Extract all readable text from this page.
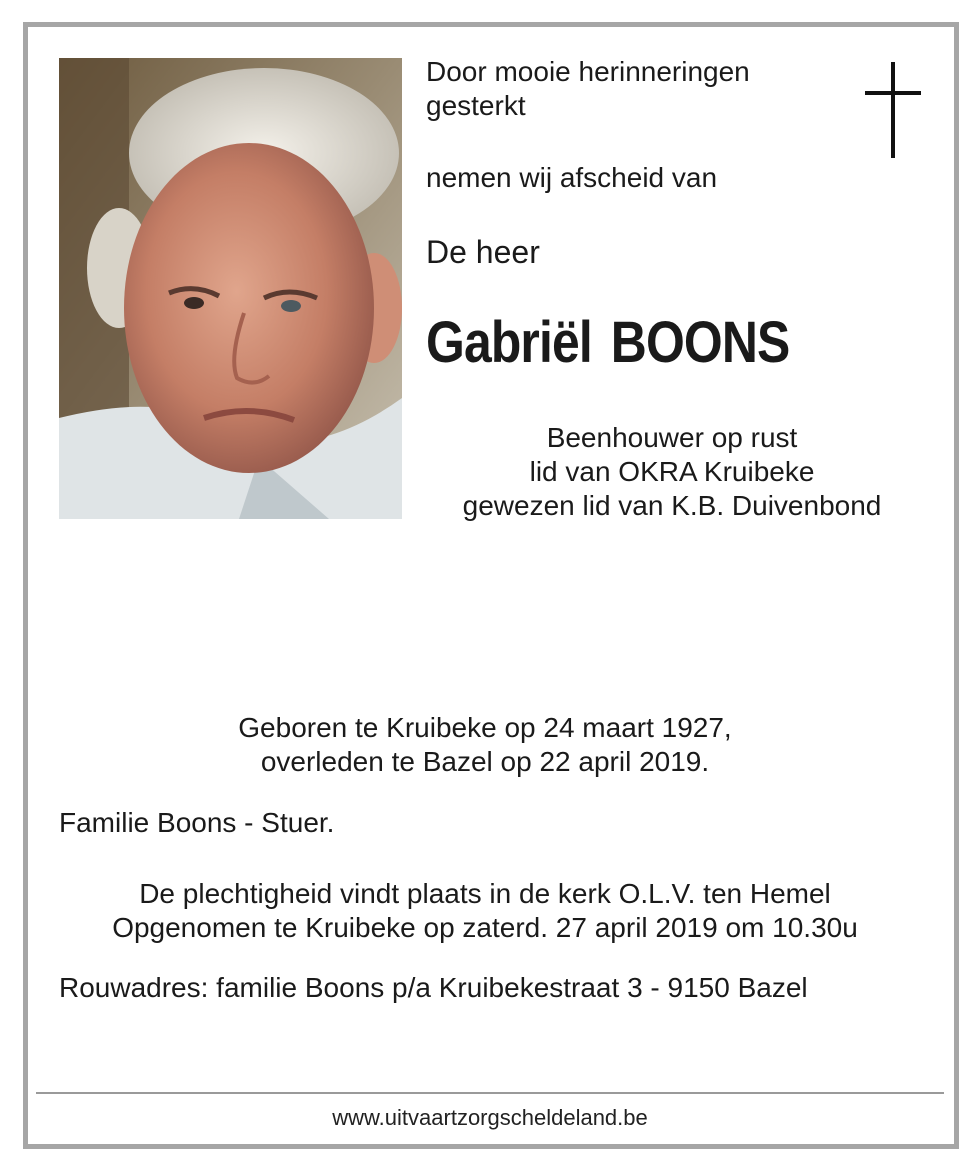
Door mooie herinneringen
gesterkt
nemen wij afscheid van
De heer
Gabriël BOONS
Beenhouwer op rust
lid van OKRA Kruibeke
gewezen lid van K.B. Duivenbond
Geboren te Kruibeke op 24 maart 1927,
overleden te Bazel op 22 april 2019.
Familie Boons - Stuer.
De plechtigheid vindt plaats in de kerk O.L.V. ten Hemel
Opgenomen te Kruibeke op zaterd. 27 april 2019 om 10.30u
Rouwadres: familie Boons p/a Kruibekestraat 3 - 9150 Bazel
www.uitvaartzorgscheldeland.be
